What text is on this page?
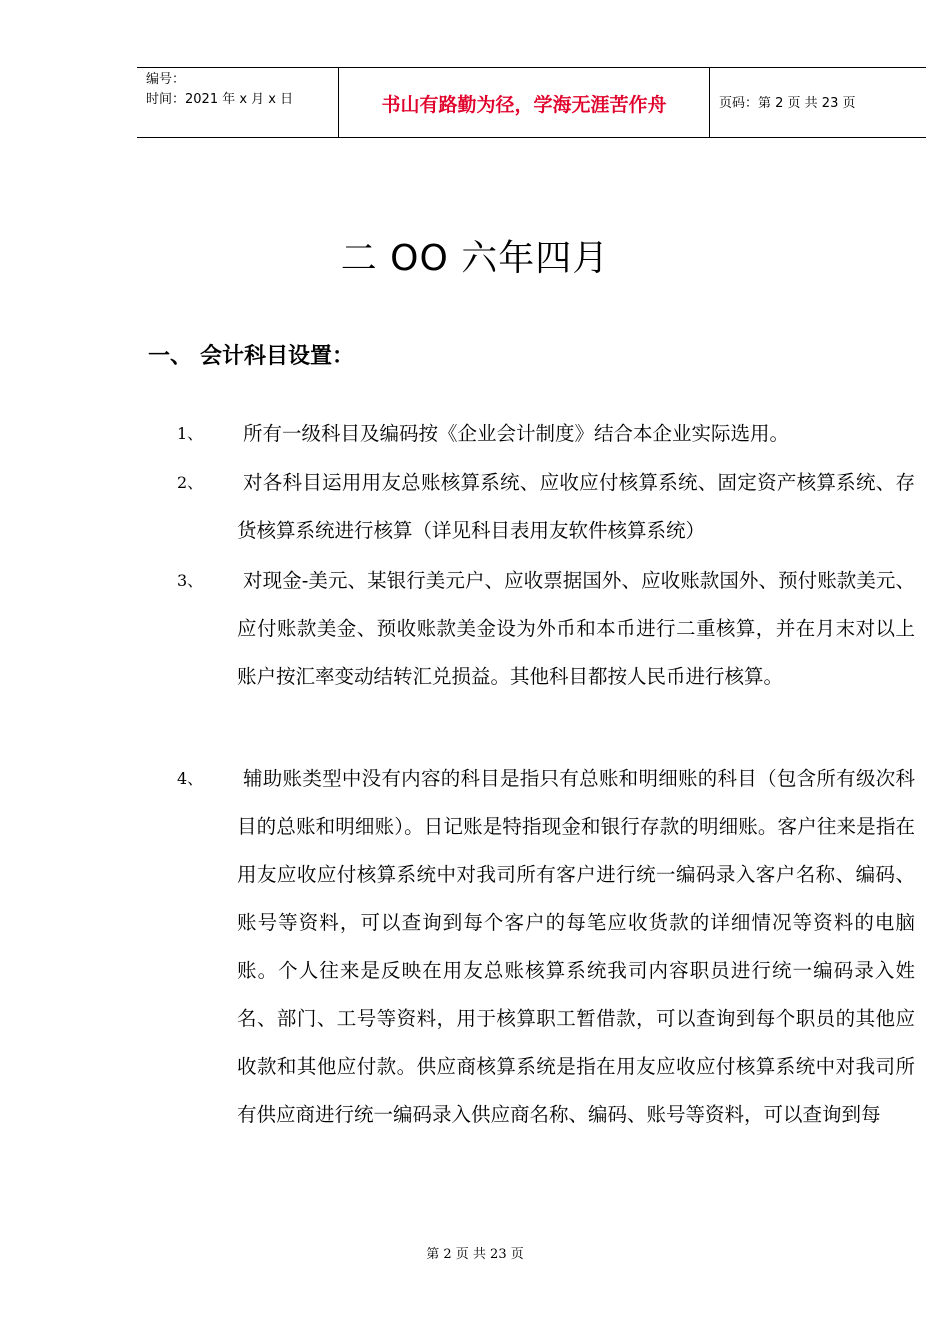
编号：
时间：2021 年 x 月 x 日	书山有路勤为径，学海无涯苦作舟	页码：第 2 页 共 23 页
二 OO 六年四月
一、 会计科目设置：
1、	所有一级科目及编码按《企业会计制度》结合本企业实际选用。
2、	对各科目运用用友总账核算系统、应收应付核算系统、固定资产核算系统、存货核算系统进行核算（详见科目表用友软件核算系统）
3、	对现金-美元、某银行美元户、应收票据国外、应收账款国外、预付账款美元、应付账款美金、预收账款美金设为外币和本币进行二重核算，并在月末对以上账户按汇率变动结转汇兑损益。其他科目都按人民币进行核算。
4、	辅助账类型中没有内容的科目是指只有总账和明细账的科目（包含所有级次科目的总账和明细账）。日记账是特指现金和银行存款的明细账。客户往来是指在用友应收应付核算系统中对我司所有客户进行统一编码录入客户名称、编码、账号等资料，可以查询到每个客户的每笔应收货款的详细情况等资料的电脑账。个人往来是反映在用友总账核算系统我司内容职员进行统一编码录入姓名、部门、工号等资料，用于核算职工暂借款，可以查询到每个职员的其他应收款和其他应付款。供应商核算系统是指在用友应收应付核算系统中对我司所有供应商进行统一编码录入供应商名称、编码、账号等资料，可以查询到每
第 2 页 共 23 页
